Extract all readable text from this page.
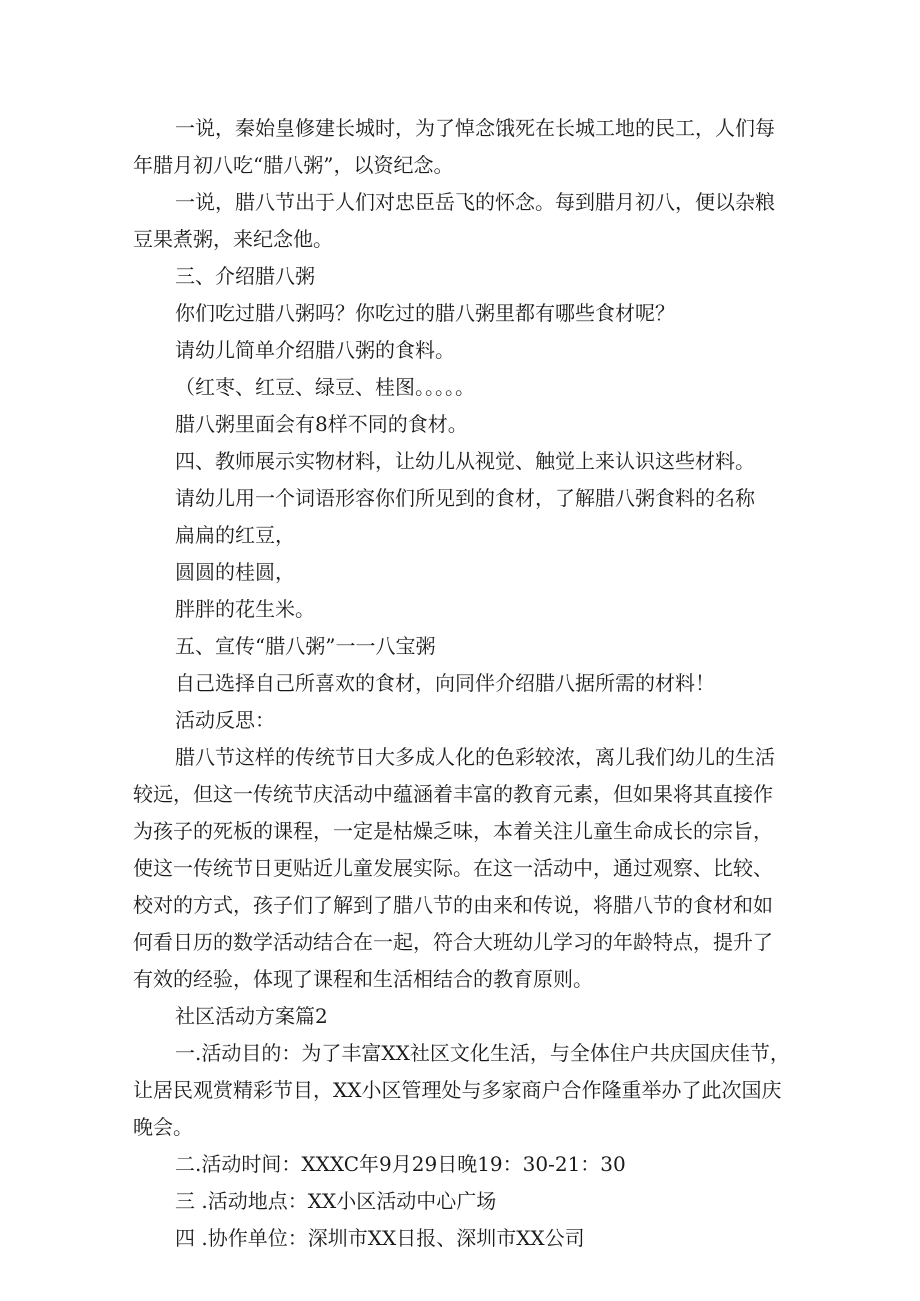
一说，秦始皇修建长城时，为了悼念饿死在长城工地的民工，人们每
年腊月初八吃“腊八粥”，以资纪念。
一说，腊八节出于人们对忠臣岳飞的怀念。每到腊月初八，便以杂粮
豆果煮粥，来纪念他。
三、介绍腊八粥
你们吃过腊八粥吗？你吃过的腊八粥里都有哪些食材呢？
请幼儿简单介绍腊八粥的食料。
（红枣、红豆、绿豆、桂图。。。。。
腊八粥里面会有8样不同的食材。
四、教师展示实物材料，让幼儿从视觉、触觉上来认识这些材料。
请幼儿用一个词语形容你们所见到的食材，了解腊八粥食料的名称
扁扁的红豆，
圆圆的桂圆，
胖胖的花生米。
五、宣传“腊八粥”一一八宝粥
自己选择自己所喜欢的食材，向同伴介绍腊八据所需的材料！
活动反思：
腊八节这样的传统节日大多成人化的色彩较浓，离儿我们幼儿的生活
较远，但这一传统节庆活动中蕴涵着丰富的教育元素，但如果将其直接作
为孩子的死板的课程，一定是枯燥乏味，本着关注儿童生命成长的宗旨，
使这一传统节日更贴近儿童发展实际。在这一活动中，通过观察、比较、
校对的方式，孩子们了解到了腊八节的由来和传说，将腊八节的食材和如
何看日历的数学活动结合在一起，符合大班幼儿学习的年龄特点，提升了
有效的经验，体现了课程和生活相结合的教育原则。
社区活动方案篇2
一.活动目的：为了丰富XX社区文化生活，与全体住户共庆国庆佳节，
让居民观赏精彩节目，XX小区管理处与多家商户合作隆重举办了此次国庆
晚会。
二.活动时间：XXXC年9月29日晚19：30-21：30
三 .活动地点：XX小区活动中心广场
四 .协作单位：深圳市XX日报、深圳市XX公司
